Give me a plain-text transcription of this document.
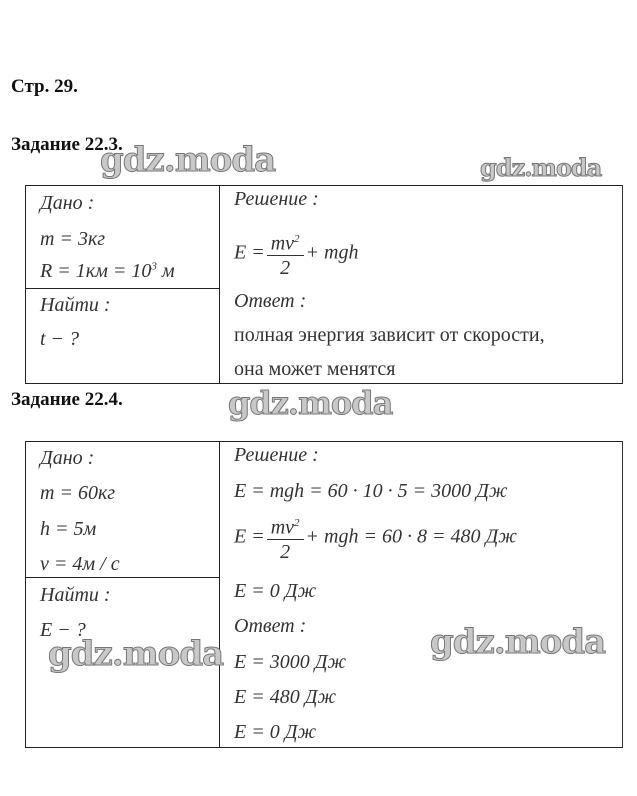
Стр. 29.
Задание 22.3.
gdz.moda	gdz.moda
Дано :
m = 3кг
$R = 1км = 10^3$ м
Найти :
t − ?
Решение :
$E = \frac{mv^2}{2}$ + mgh
Ответ :
полная энергия зависит от скорости,
она может менятся
Задание 22.4.	gdz.moda
Дано :
m = 60кг
h = 5м
v = 4м / с
Найти :
E − ?
Решение :
E = mgh = 60 · 10 · 5 = 3000 Дж
$E = \frac{mv^2}{2}$ + mgh = 60 · 8 = 480 Дж
E = 0 Дж
Ответ :
E = 3000 Дж
E = 480 Дж
E = 0 Дж
gdz.moda	gdz.moda
